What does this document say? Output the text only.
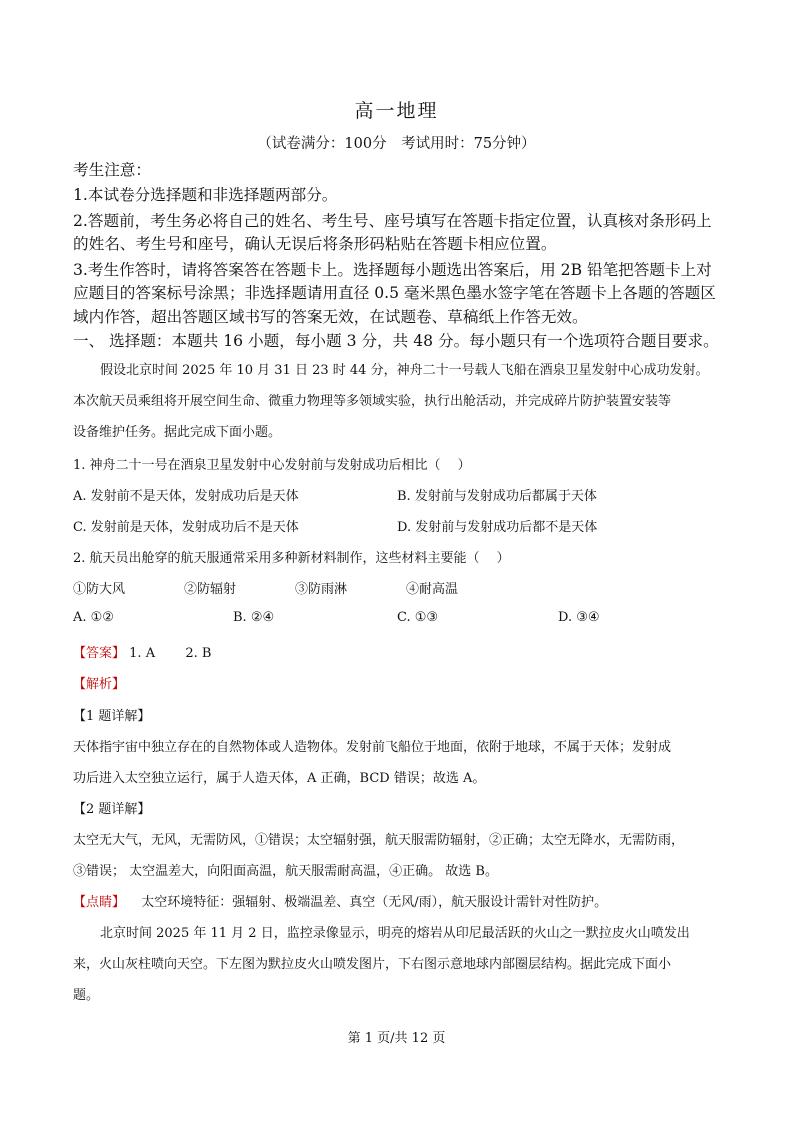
高一地理
（试卷满分：100分　考试用时：75分钟）
考生注意：
1.本试卷分选择题和非选择题两部分。
2.答题前，考生务必将自己的姓名、考生号、座号填写在答题卡指定位置，认真核对条形码上
的姓名、考生号和座号，确认无误后将条形码粘贴在答题卡相应位置。
3.考生作答时，请将答案答在答题卡上。选择题每小题选出答案后，用 2B 铅笔把答题卡上对
应题目的答案标号涂黑；非选择题请用直径 0.5 毫米黑色墨水签字笔在答题卡上各题的答题区
域内作答，超出答题区域书写的答案无效，在试题卷、草稿纸上作答无效。
一、 选择题：本题共 16 小题，每小题 3 分，共 48 分。每小题只有一个选项符合题目要求。
假设北京时间 2025 年 10 月 31 日 23 时 44 分，神舟二十一号载人飞船在酒泉卫星发射中心成功发射。
本次航天员乘组将开展空间生命、微重力物理等多领域实验，执行出舱活动，并完成碎片防护装置安装等
设备维护任务。据此完成下面小题。
1. 神舟二十一号在酒泉卫星发射中心发射前与发射成功后相比（　 ）
A. 发射前不是天体，发射成功后是天体	B. 发射前与发射成功后都属于天体
C. 发射前是天体，发射成功后不是天体	D. 发射前与发射成功后都不是天体
2. 航天员出舱穿的航天服通常采用多种新材料制作，这些材料主要能（　 ）
①防大风	②防辐射	③防雨淋	④耐高温
A. ①②	B. ②④	C. ①③	D. ③④
【答案】 1. A 2. B
【解析】
【1 题详解】
天体指宇宙中独立存在的自然物体或人造物体。发射前飞船位于地面，依附于地球，不属于天体；发射成
功后进入太空独立运行，属于人造天体，A 正确，BCD 错误；故选 A。
【2 题详解】
太空无大气，无风，无需防风，①错误；太空辐射强，航天服需防辐射，②正确；太空无降水，无需防雨，
③错误； 太空温差大，向阳面高温，航天服需耐高温，④正确。 故选 B。
【点睛】 太空环境特征：强辐射、极端温差、真空（无风/雨），航天服设计需针对性防护。
北京时间 2025 年 11 月 2 日，监控录像显示，明亮的熔岩从印尼最活跃的火山之一默拉皮火山喷发出
来，火山灰柱喷向天空。下左图为默拉皮火山喷发图片，下右图示意地球内部圈层结构。据此完成下面小
题。
第 1 页/共 12 页
